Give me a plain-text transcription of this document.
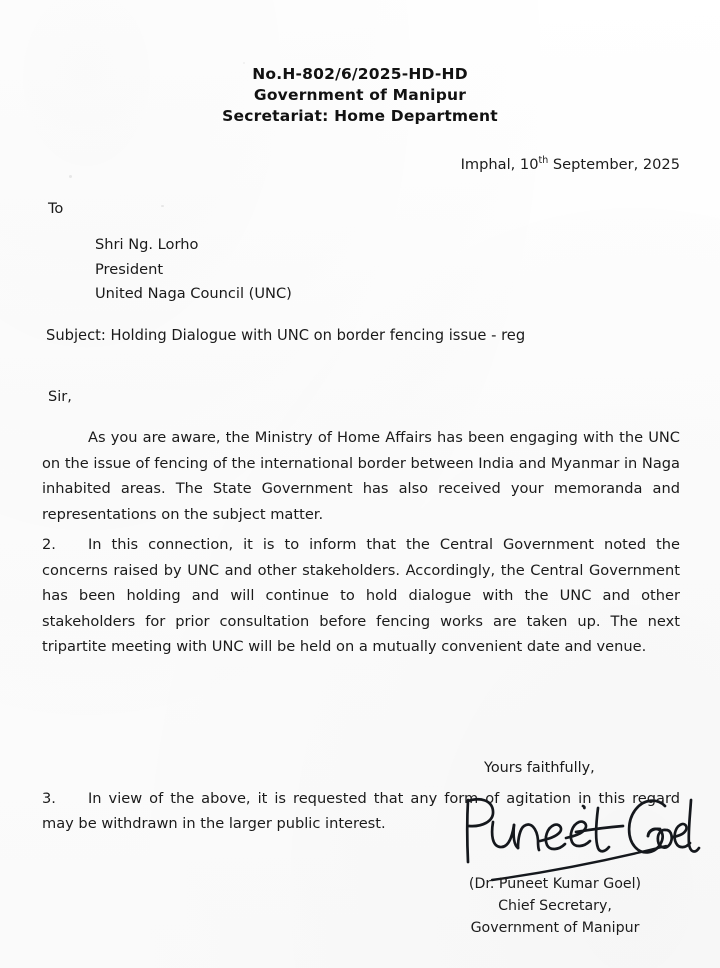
No.H-802/6/2025-HD-HD
Government of Manipur
Secretariat: Home Department
Imphal, 10th September, 2025
To
Shri Ng. Lorho
President
United Naga Council (UNC)
Subject: Holding Dialogue with UNC on border fencing issue - reg
Sir,
As you are aware, the Ministry of Home Affairs has been engaging with the UNC on the issue of fencing of the international border between India and Myanmar in Naga inhabited areas. The State Government has also received your memoranda and representations on the subject matter.
2. In this connection, it is to inform that the Central Government noted the concerns raised by UNC and other stakeholders. Accordingly, the Central Government has been holding and will continue to hold dialogue with the UNC and other stakeholders for prior consultation before fencing works are taken up. The next tripartite meeting with UNC will be held on a mutually convenient date and venue.
3. In view of the above, it is requested that any form of agitation in this regard may be withdrawn in the larger public interest.
Yours faithfully,
(Dr. Puneet Kumar Goel)
Chief Secretary,
Government of Manipur
